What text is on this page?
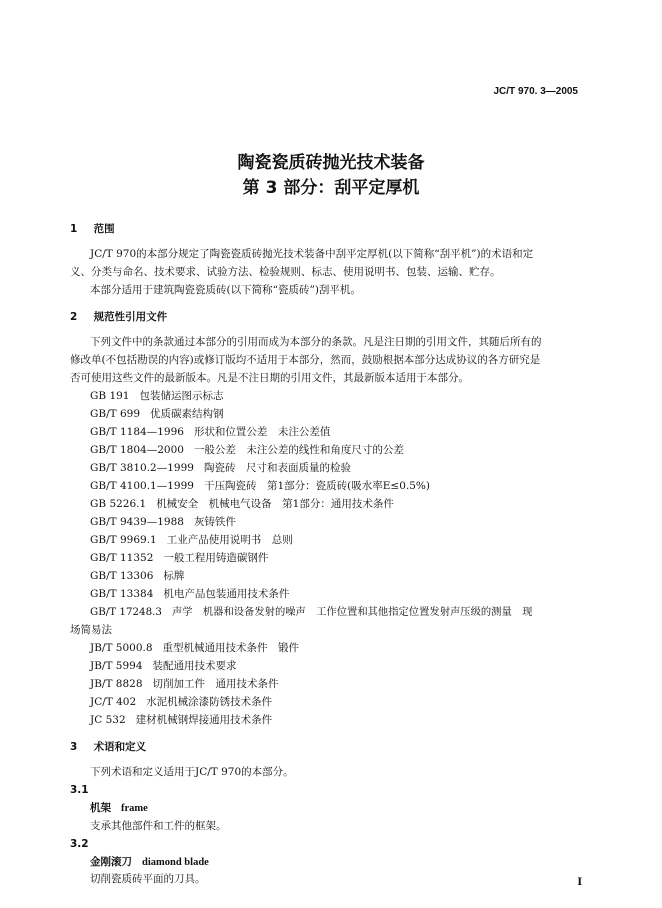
JC/T 970. 3—2005
陶瓷瓷质砖抛光技术装备
第 3 部分：刮平定厚机
1 范围
JC/T 970的本部分规定了陶瓷瓷质砖抛光技术装备中刮平定厚机(以下简称“刮平机”)的术语和定
义、分类与命名、技术要求、试验方法、检验规则、标志、使用说明书、包装、运输、贮存。
本部分适用于建筑陶瓷瓷质砖(以下简称“瓷质砖”)刮平机。
2 规范性引用文件
下列文件中的条款通过本部分的引用而成为本部分的条款。凡是注日期的引用文件，其随后所有的
修改单(不包括勘误的内容)或修订版均不适用于本部分，然而，鼓励根据本部分达成协议的各方研究是
否可使用这些文件的最新版本。凡是不注日期的引用文件，其最新版本适用于本部分。
GB 191 包装储运图示标志
GB/T 699 优质碳素结构钢
GB/T 1184—1996 形状和位置公差　未注公差值
GB/T 1804—2000 一般公差　未注公差的线性和角度尺寸的公差
GB/T 3810.2—1999 陶瓷砖　尺寸和表面质量的检验
GB/T 4100.1—1999 干压陶瓷砖　第1部分：瓷质砖(吸水率E≤0.5%)
GB 5226.1 机械安全　机械电气设备　第1部分：通用技术条件
GB/T 9439—1988 灰铸铁件
GB/T 9969.1 工业产品使用说明书　总则
GB/T 11352 一般工程用铸造碳钢件
GB/T 13306 标牌
GB/T 13384 机电产品包装通用技术条件
GB/T 17248.3 声学　机器和设备发射的噪声　工作位置和其他指定位置发射声压级的测量　现
场简易法
JB/T 5000.8 重型机械通用技术条件　锻件
JB/T 5994 装配通用技术要求
JB/T 8828 切削加工件　通用技术条件
JC/T 402 水泥机械涂漆防锈技术条件
JC 532 建材机械钢焊接通用技术条件
3 术语和定义
下列术语和定义适用于JC/T 970的本部分。
3.1
机架 frame
支承其他部件和工件的框架。
3.2
金刚滚刀 diamond blade
切削瓷质砖平面的刀具。	I
